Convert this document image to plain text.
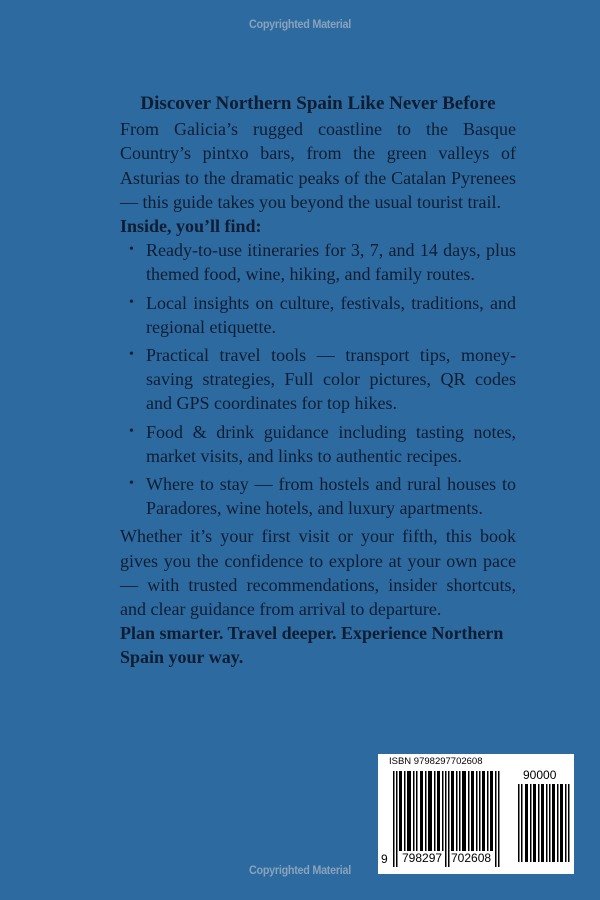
Copyrighted Material
Discover Northern Spain Like Never Before

From Galicia’s rugged coastline to the Basque Country’s pintxo bars, from the green valleys of Asturias to the dramatic peaks of the Catalan Pyrenees — this guide takes you beyond the usual tourist trail.

Inside, you’ll find:

• Ready-to-use itineraries for 3, 7, and 14 days, plus themed food, wine, hiking, and family routes.
• Local insights on culture, festivals, traditions, and regional etiquette.
• Practical travel tools — transport tips, money-saving strategies, Full color pictures, QR codes and GPS coordinates for top hikes.
• Food & drink guidance including tasting notes, market visits, and links to authentic recipes.
• Where to stay — from hostels and rural houses to Paradores, wine hotels, and luxury apartments.

Whether it’s your first visit or your fifth, this book gives you the confidence to explore at your own pace — with trusted recommendations, insider shortcuts, and clear guidance from arrival to departure.

Plan smarter. Travel deeper. Experience Northern Spain your way.

ISBN 9798297702608
90000
9 798297 702608
Copyrighted Material
